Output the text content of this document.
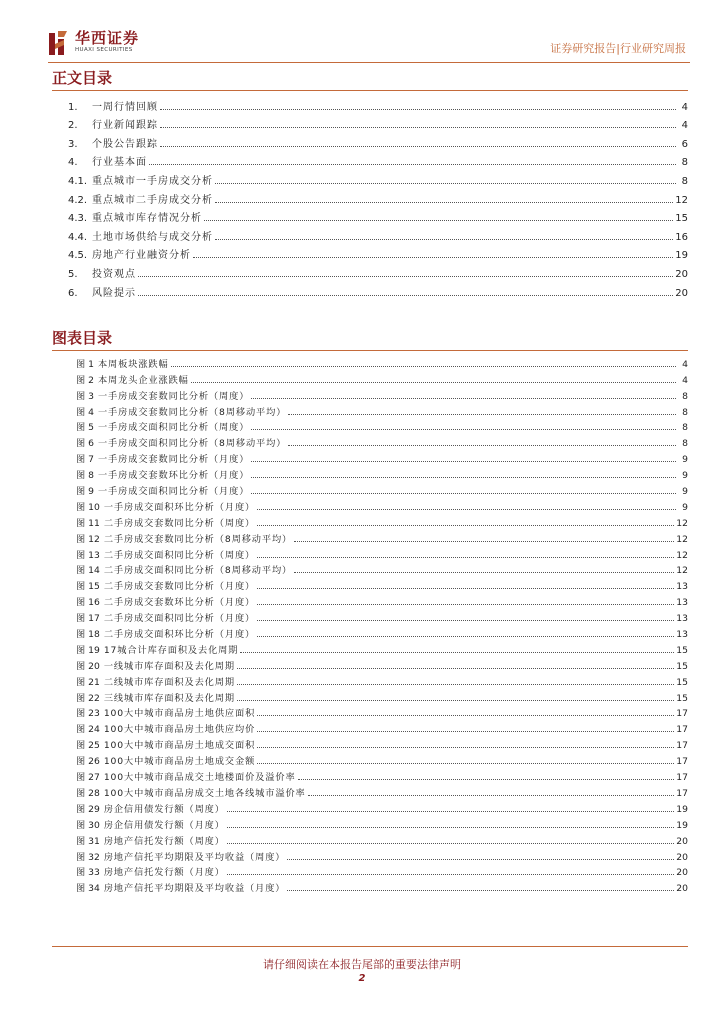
华西证券
HUAXI SECURITIES	证券研究报告|行业研究周报
正文目录
1.	一周行情回顾	4
2.	行业新闻跟踪	4
3.	个股公告跟踪	6
4.	行业基本面	8
4.1. 重点城市一手房成交分析	8
4.2. 重点城市二手房成交分析	12
4.3. 重点城市库存情况分析	15
4.4. 土地市场供给与成交分析	16
4.5. 房地产行业融资分析	19
5.	投资观点	20
6.	风险提示	20
图表目录
图 1 本周板块涨跌幅	4
图 2 本周龙头企业涨跌幅	4
图 3 一手房成交套数同比分析（周度）	8
图 4 一手房成交套数同比分析（8周移动平均）	8
图 5 一手房成交面积同比分析（周度）	8
图 6 一手房成交面积同比分析（8周移动平均）	8
图 7 一手房成交套数同比分析（月度）	9
图 8 一手房成交套数环比分析（月度）	9
图 9 一手房成交面积同比分析（月度）	9
图 10 一手房成交面积环比分析（月度）	9
图 11 二手房成交套数同比分析（周度）	12
图 12 二手房成交套数同比分析（8周移动平均）	12
图 13 二手房成交面积同比分析（周度）	12
图 14 二手房成交面积同比分析（8周移动平均）	12
图 15 二手房成交套数同比分析（月度）	13
图 16 二手房成交套数环比分析（月度）	13
图 17 二手房成交面积同比分析（月度）	13
图 18 二手房成交面积环比分析（月度）	13
图 19 17城合计库存面积及去化周期	15
图 20 一线城市库存面积及去化周期	15
图 21 二线城市库存面积及去化周期	15
图 22 三线城市库存面积及去化周期	15
图 23 100大中城市商品房土地供应面积	17
图 24 100大中城市商品房土地供应均价	17
图 25 100大中城市商品房土地成交面积	17
图 26 100大中城市商品房土地成交金额	17
图 27 100大中城市商品成交土地楼面价及溢价率	17
图 28 100大中城市商品房成交土地各线城市溢价率	17
图 29 房企信用债发行额（周度）	19
图 30 房企信用债发行额（月度）	19
图 31 房地产信托发行额（周度）	20
图 32 房地产信托平均期限及平均收益（周度）	20
图 33 房地产信托发行额（月度）	20
图 34 房地产信托平均期限及平均收益（月度）	20
请仔细阅读在本报告尾部的重要法律声明
2
